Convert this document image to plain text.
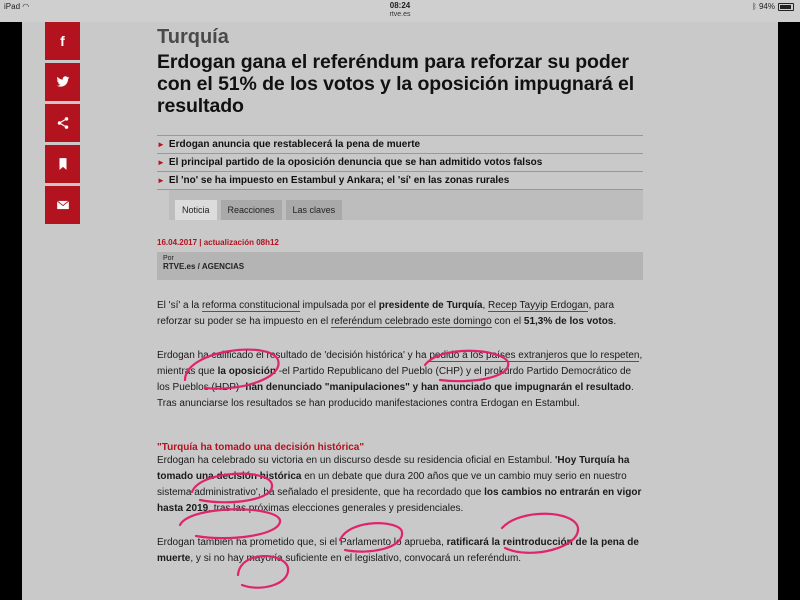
iPad ◠	08:24
rtve.es
ᛒ 94%
f	Turquía
Erdogan gana el referéndum para reforzar su poder con el 51% de los votos y la oposición impugnará el resultado
► Erdogan anuncia que restablecerá la pena de muerte
► El principal partido de la oposición denuncia que se han admitido votos falsos
► El 'no' se ha impuesto en Estambul y Ankara; el 'sí' en las zonas rurales
Noticia	Reacciones	Las claves
16.04.2017 | actualización 08h12
Por
RTVE.es / AGENCIAS
El 'sí' a la reforma constitucional impulsada por el presidente de Turquía, Recep Tayyip Erdogan, para reforzar su poder se ha impuesto en el referéndum celebrado este domingo con el 51,3% de los votos.
Erdogan ha calificado el resultado de 'decisión histórica' y ha pedido a los países extranjeros que lo respeten, mientras que la oposición -el Partido Republicano del Pueblo (CHP) y el prokurdo Partido Democrático de los Pueblos (HDP)- han denunciado "manipulaciones" y han anunciado que impugnarán el resultado. Tras anunciarse los resultados se han producido manifestaciones contra Erdogan en Estambul.
"Turquía ha tomado una decisión histórica"
Erdogan ha celebrado su victoria en un discurso desde su residencia oficial en Estambul. 'Hoy Turquía ha tomado una decisión histórica en un debate que dura 200 años que ve un cambio muy serio en nuestro sistema administrativo', ha señalado el presidente, que ha recordado que los cambios no entrarán en vigor hasta 2019, tras las próximas elecciones generales y presidenciales.
Erdogan también ha prometido que, si el Parlamento lo aprueba, ratificará la reintroducción de la pena de muerte, y si no hay mayoría suficiente en el legislativo, convocará un referéndum.
